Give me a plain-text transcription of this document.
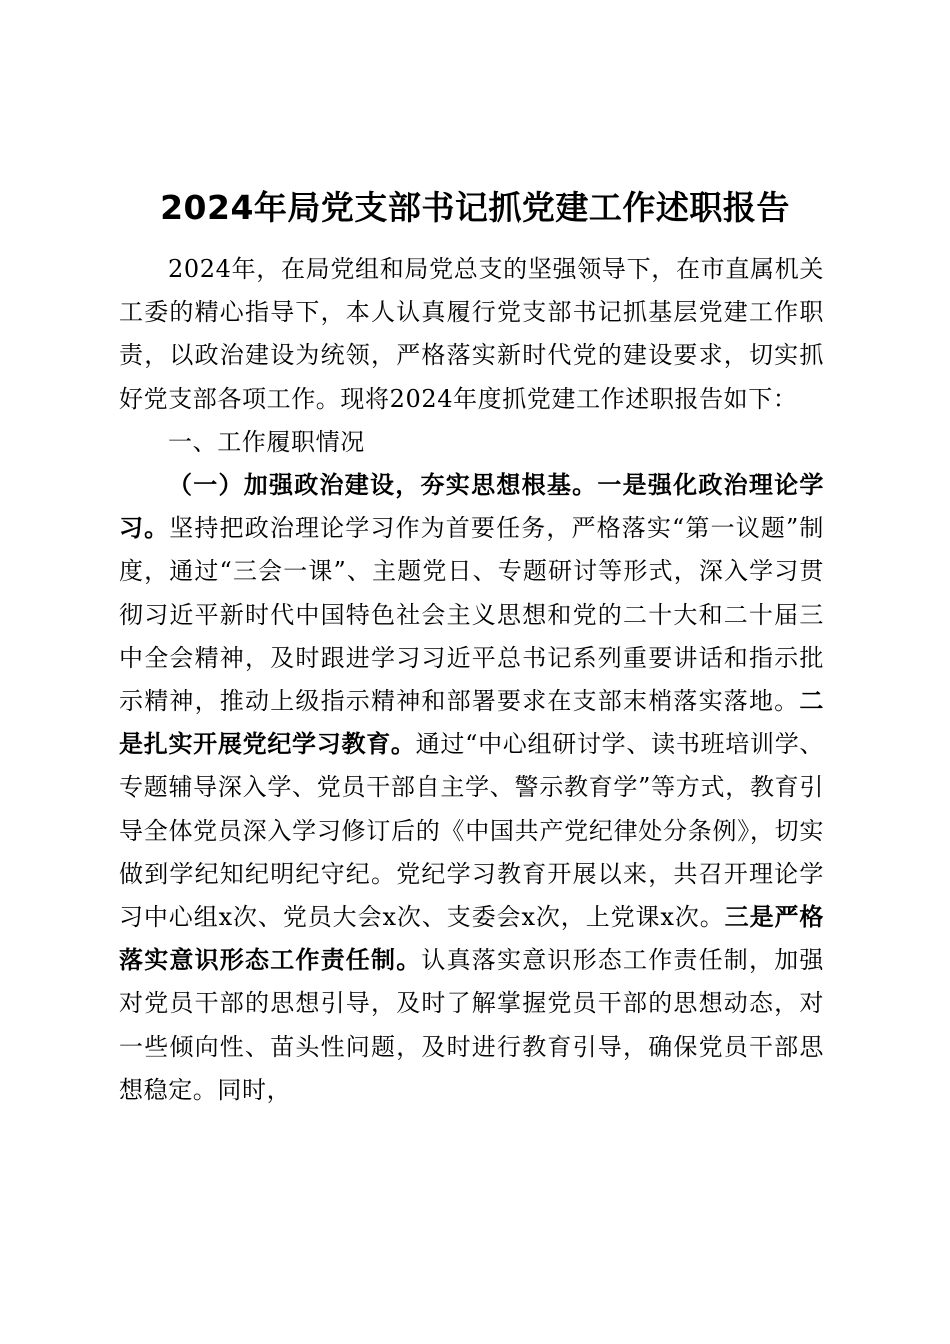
2024年局党支部书记抓党建工作述职报告

2024年，在局党组和局党总支的坚强领导下，在市直属机关工委的精心指导下，本人认真履行党支部书记抓基层党建工作职责，以政治建设为统领，严格落实新时代党的建设要求，切实抓好党支部各项工作。现将2024年度抓党建工作述职报告如下：

一、工作履职情况

（一）加强政治建设，夯实思想根基。一是强化政治理论学习。坚持把政治理论学习作为首要任务，严格落实“第一议题”制度，通过“三会一课”、主题党日、专题研讨等形式，深入学习贯彻习近平新时代中国特色社会主义思想和党的二十大和二十届三中全会精神，及时跟进学习习近平总书记系列重要讲话和指示批示精神，推动上级指示精神和部署要求在支部末梢落实落地。二是扎实开展党纪学习教育。通过“中心组研讨学、读书班培训学、专题辅导深入学、党员干部自主学、警示教育学”等方式，教育引导全体党员深入学习修订后的《中国共产党纪律处分条例》，切实做到学纪知纪明纪守纪。党纪学习教育开展以来，共召开理论学习中心组x次、党员大会x次、支委会x次，上党课x次。三是严格落实意识形态工作责任制。认真落实意识形态工作责任制，加强对党员干部的思想引导，及时了解掌握党员干部的思想动态，对一些倾向性、苗头性问题，及时进行教育引导，确保党员干部思想稳定。同时，
